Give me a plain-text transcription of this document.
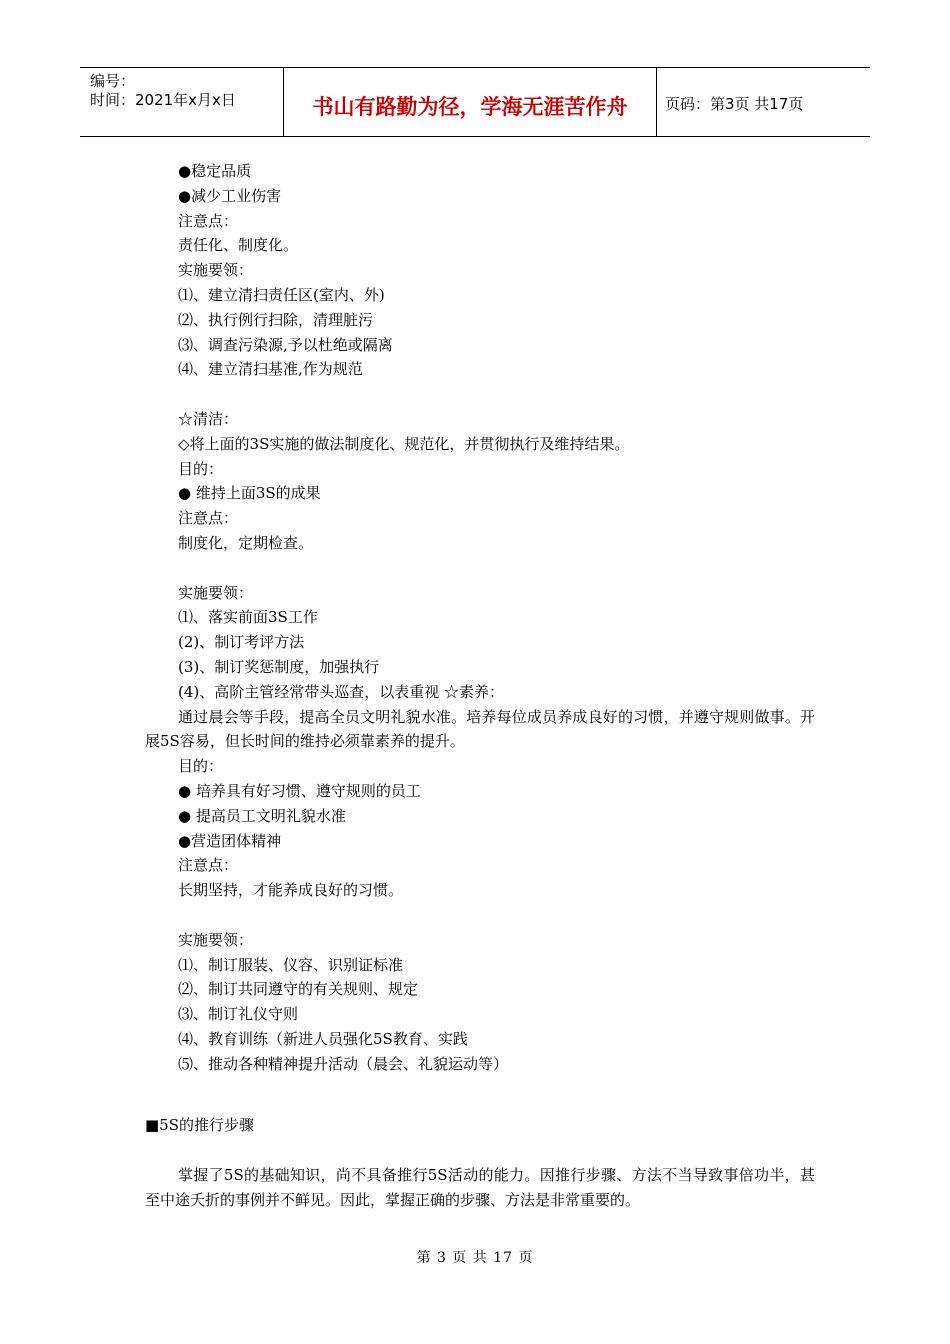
编号：
时间：2021年x月x日	书山有路勤为径，学海无涯苦作舟	页码：第3页 共17页
●稳定品质
●减少工业伤害
注意点：
责任化、制度化。
实施要领：
⑴、建立清扫责任区(室内、外)
⑵、执行例行扫除，清理脏污
⑶、调查污染源,予以杜绝或隔离
⑷、建立清扫基准,作为规范
☆清洁：
◇将上面的3S实施的做法制度化、规范化，并贯彻执行及维持结果。
目的：
● 维持上面3S的成果
注意点：
制度化，定期检查。
实施要领：
⑴、落实前面3S工作
(2)、制订考评方法
(3)、制订奖惩制度，加强执行
(4)、高阶主管经常带头巡查，以表重视 ☆素养：
通过晨会等手段，提高全员文明礼貌水准。培养每位成员养成良好的习惯，并遵守规则做事。开展5S容易，但长时间的维持必须靠素养的提升。
目的：
● 培养具有好习惯、遵守规则的员工
● 提高员工文明礼貌水准
●营造团体精神
注意点：
长期坚持，才能养成良好的习惯。
实施要领：
⑴、制订服装、仪容、识别证标准
⑵、制订共同遵守的有关规则、规定
⑶、制订礼仪守则
⑷、教育训练（新进人员强化5S教育、实践
⑸、推动各种精神提升活动（晨会、礼貌运动等）
■5S的推行步骤
掌握了5S的基础知识，尚不具备推行5S活动的能力。因推行步骤、方法不当导致事倍功半，甚至中途夭折的事例并不鲜见。因此，掌握正确的步骤、方法是非常重要的。
第 3 页 共 17 页
